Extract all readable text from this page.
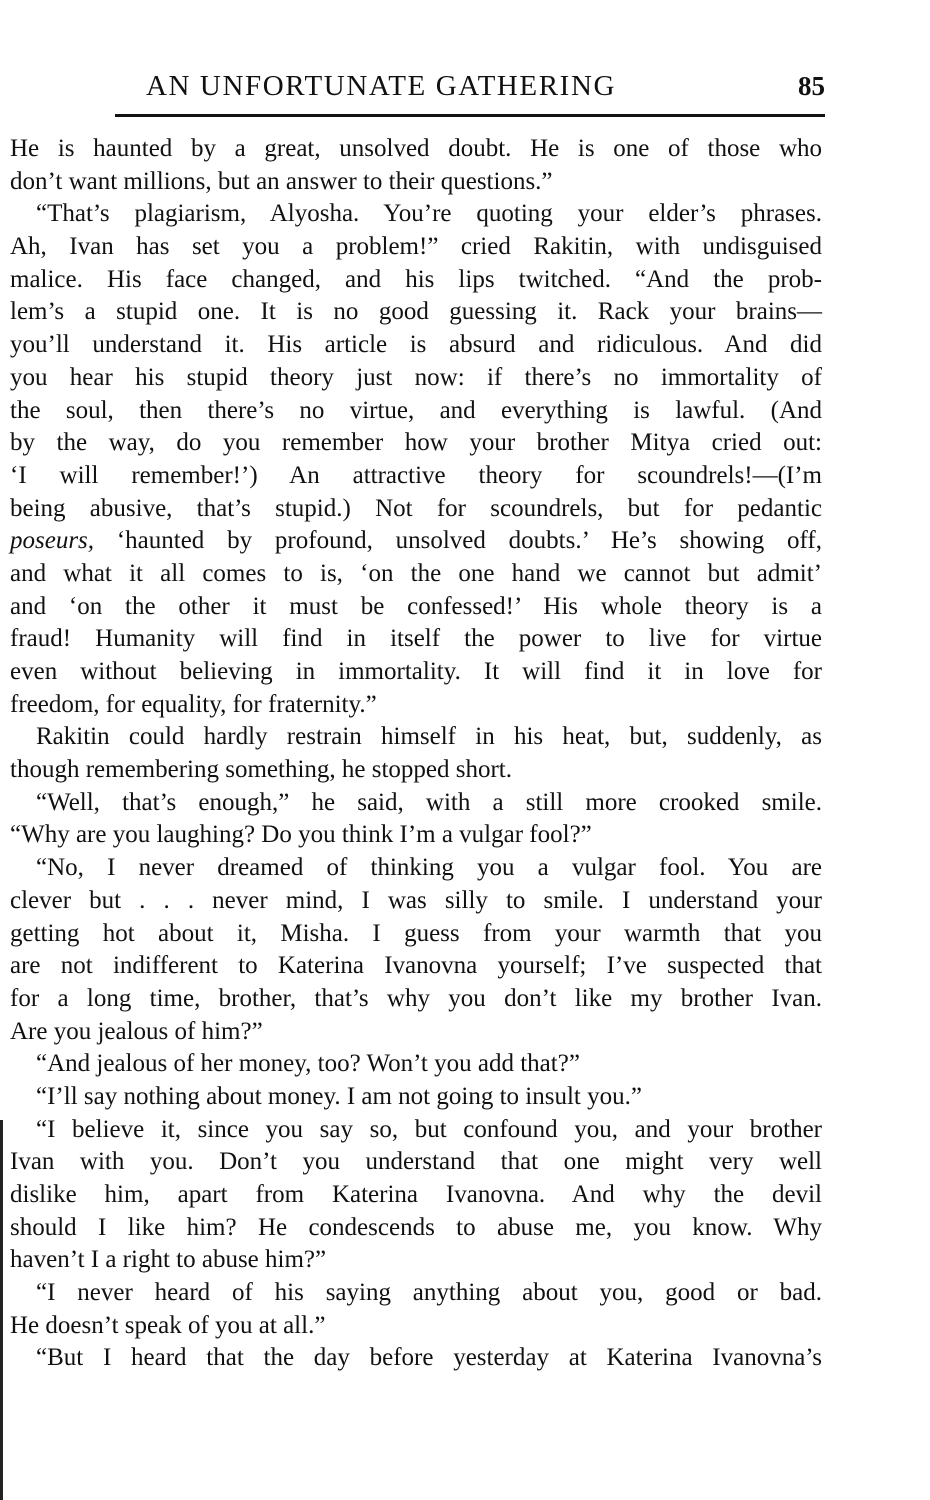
AN UNFORTUNATE GATHERING	85
He is haunted by a great, unsolved doubt. He is one of those who
don’t want millions, but an answer to their questions.”
“That’s plagiarism, Alyosha. You’re quoting your elder’s phrases.
Ah, Ivan has set you a problem!” cried Rakitin, with undisguised
malice. His face changed, and his lips twitched. “And the prob-
lem’s a stupid one. It is no good guessing it. Rack your brains—
you’ll understand it. His article is absurd and ridiculous. And did
you hear his stupid theory just now: if there’s no immortality of
the soul, then there’s no virtue, and everything is lawful. (And
by the way, do you remember how your brother Mitya cried out:
‘I will remember!’) An attractive theory for scoundrels!—(I’m
being abusive, that’s stupid.) Not for scoundrels, but for pedantic
poseurs, ‘haunted by profound, unsolved doubts.’ He’s showing off,
and what it all comes to is, ‘on the one hand we cannot but admit’
and ‘on the other it must be confessed!’ His whole theory is a
fraud! Humanity will find in itself the power to live for virtue
even without believing in immortality. It will find it in love for
freedom, for equality, for fraternity.”
Rakitin could hardly restrain himself in his heat, but, suddenly, as
though remembering something, he stopped short.
“Well, that’s enough,” he said, with a still more crooked smile.
“Why are you laughing? Do you think I’m a vulgar fool?”
“No, I never dreamed of thinking you a vulgar fool. You are
clever but . . . never mind, I was silly to smile. I understand your
getting hot about it, Misha. I guess from your warmth that you
are not indifferent to Katerina Ivanovna yourself; I’ve suspected that
for a long time, brother, that’s why you don’t like my brother Ivan.
Are you jealous of him?”
“And jealous of her money, too? Won’t you add that?”
“I’ll say nothing about money. I am not going to insult you.”
“I believe it, since you say so, but confound you, and your brother
Ivan with you. Don’t you understand that one might very well
dislike him, apart from Katerina Ivanovna. And why the devil
should I like him? He condescends to abuse me, you know. Why
haven’t I a right to abuse him?”
“I never heard of his saying anything about you, good or bad.
He doesn’t speak of you at all.”
“But I heard that the day before yesterday at Katerina Ivanovna’s
